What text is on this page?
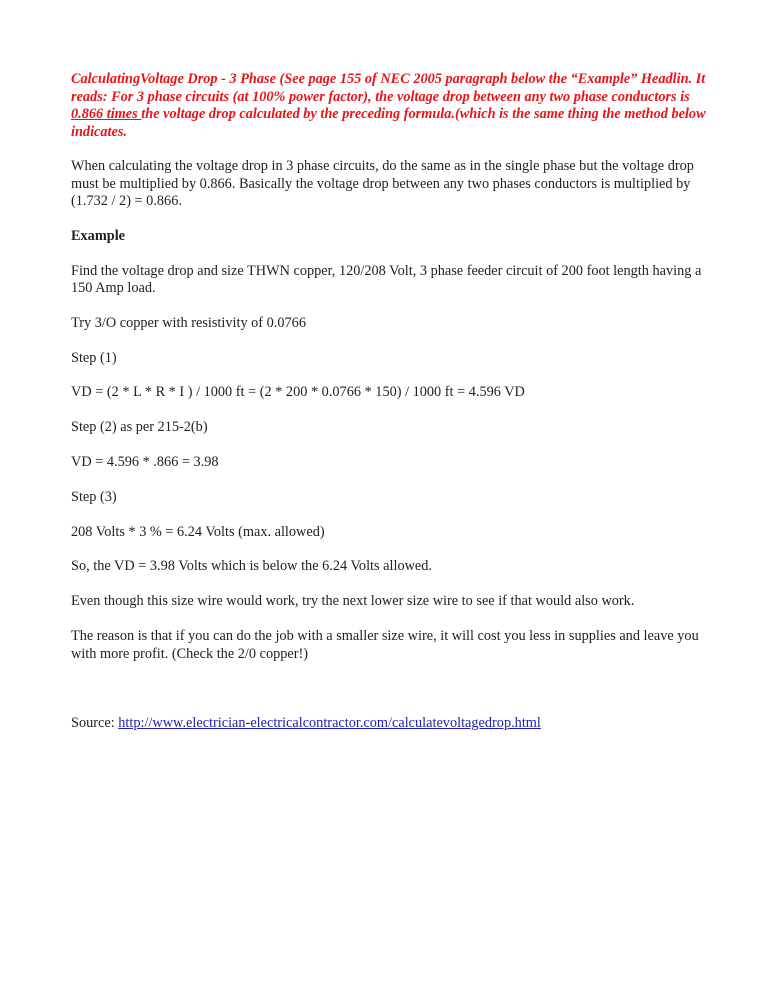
CalculatingVoltage Drop - 3 Phase (See page 155 of NEC 2005 paragraph below the “Example” Headlin. It reads: For 3 phase circuits (at 100% power factor), the voltage drop between any two phase conductors is 0.866 times the voltage drop calculated by the preceding formula.(which is the same thing the method below indicates.

When calculating the voltage drop in 3 phase circuits, do the same as in the single phase but the voltage drop must be multiplied by 0.866. Basically the voltage drop between any two phases conductors is multiplied by (1.732 / 2) = 0.866.

Example

Find the voltage drop and size THWN copper, 120/208 Volt, 3 phase feeder circuit of 200 foot length having a 150 Amp load.

Try 3/O copper with resistivity of 0.0766

Step (1)

VD = (2 * L * R * I ) / 1000 ft = (2 * 200 * 0.0766 * 150) / 1000 ft = 4.596 VD

Step (2) as per 215-2(b)

VD = 4.596 * .866 = 3.98

Step (3)

208 Volts * 3 % = 6.24 Volts (max. allowed)

So, the VD = 3.98 Volts which is below the 6.24 Volts allowed.

Even though this size wire would work, try the next lower size wire to see if that would also work.

The reason is that if you can do the job with a smaller size wire, it will cost you less in supplies and leave you with more profit. (Check the 2/0 copper!)

Source: http://www.electrician-electricalcontractor.com/calculatevoltagedrop.html
